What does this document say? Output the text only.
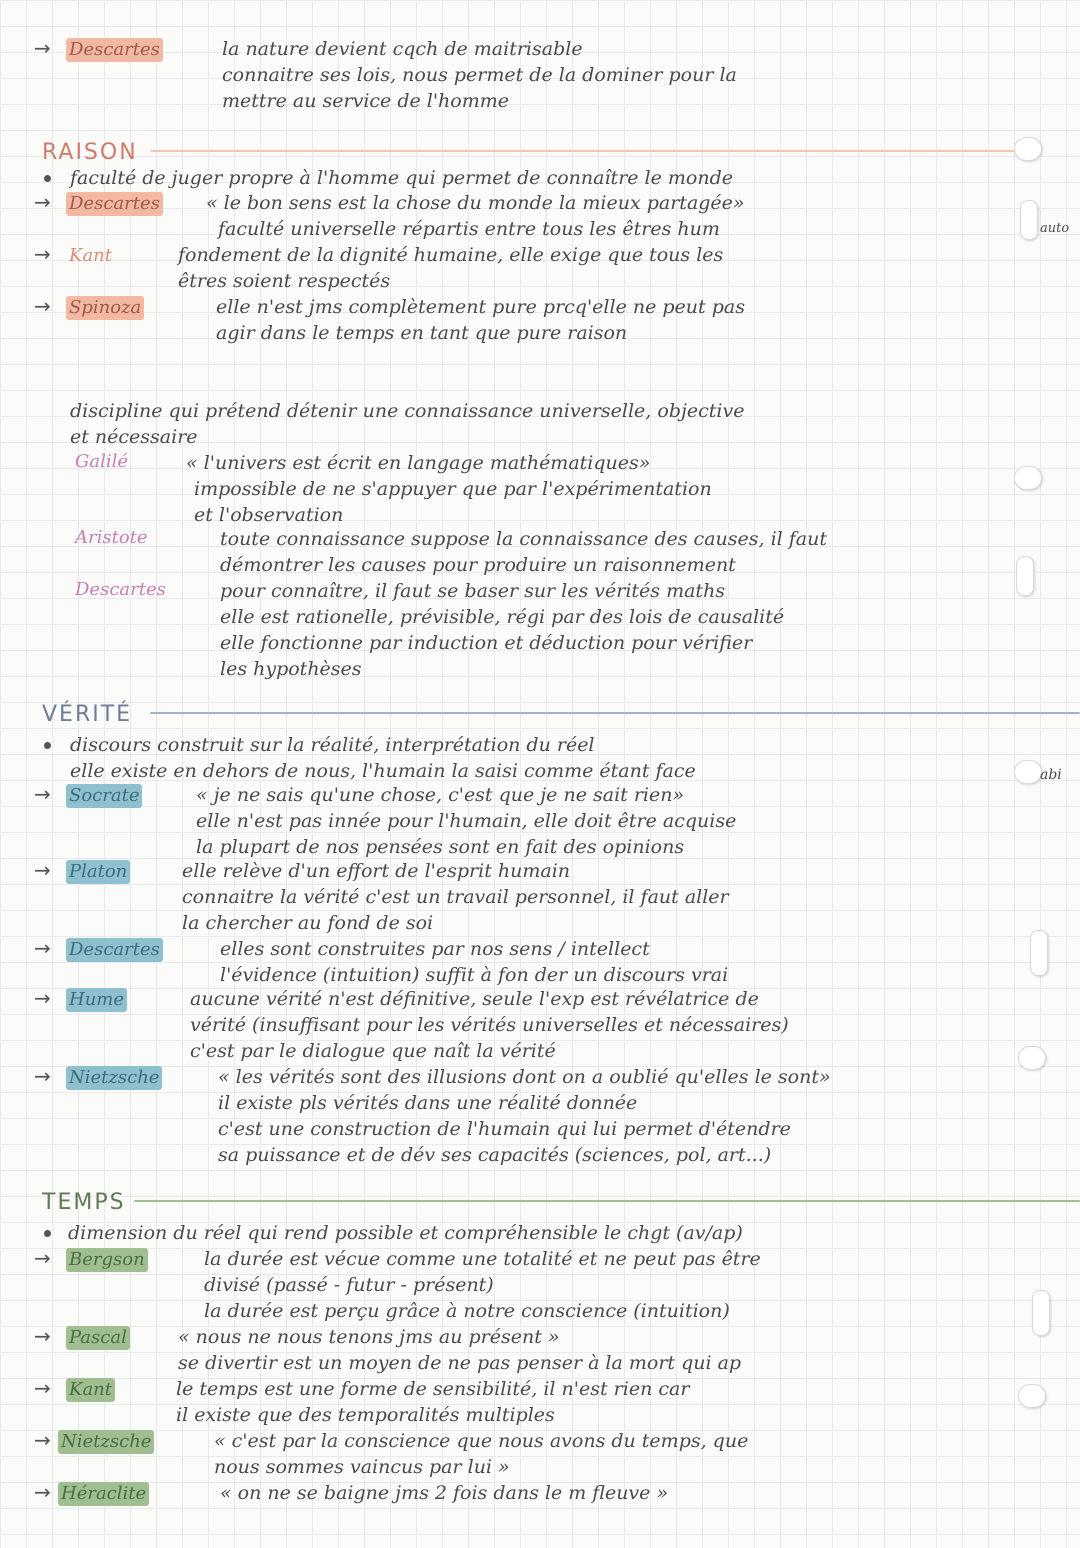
→ Descartes	la nature devient cqch de maitrisable
connaitre ses lois, nous permet de la dominer pour la
mettre au service de l'homme
RAISON
faculté de juger propre à l'homme qui permet de connaître le monde
→ Descartes « le bon sens est la chose du monde la mieux partagée»
faculté universelle répartis entre tous les êtres hum	auto
→ Kant	fondement de la dignité humaine, elle exige que tous les
êtres soient respectés
→ Spinoza	elle n'est jms complètement pure prcq'elle ne peut pas
agir dans le temps en tant que pure raison
discipline qui prétend détenir une connaissance universelle, objective
et nécessaire
Galilé	« l'univers est écrit en langage mathématiques»
impossible de ne s'appuyer que par l'expérimentation
et l'observation
Aristote	toute connaissance suppose la connaissance des causes, il faut
démontrer les causes pour produire un raisonnement
Descartes	pour connaître, il faut se baser sur les vérités maths
elle est rationelle, prévisible, régi par des lois de causalité
elle fonctionne par induction et déduction pour vérifier
les hypothèses
VÉRITÉ
discours construit sur la réalité, interprétation du réel
elle existe en dehors de nous, l'humain la saisi comme étant face	abi
→ Socrate	« je ne sais qu'une chose, c'est que je ne sait rien»
elle n'est pas innée pour l'humain, elle doit être acquise
la plupart de nos pensées sont en fait des opinions
→ Platon	elle relève d'un effort de l'esprit humain
connaitre la vérité c'est un travail personnel, il faut aller
la chercher au fond de soi
→ Descartes	elles sont construites par nos sens / intellect
l'évidence (intuition) suffit à fon der un discours vrai
→ Hume	aucune vérité n'est définitive, seule l'exp est révélatrice de
vérité (insuffisant pour les vérités universelles et nécessaires)
c'est par le dialogue que naît la vérité
→ Nietzsche	« les vérités sont des illusions dont on a oublié qu'elles le sont»
il existe pls vérités dans une réalité donnée
c'est une construction de l'humain qui lui permet d'étendre
sa puissance et de dév ses capacités (sciences, pol, art...)
TEMPS
dimension du réel qui rend possible et compréhensible le chgt (av/ap)
→ Bergson	la durée est vécue comme une totalité et ne peut pas être
divisé (passé - futur - présent)
la durée est perçu grâce à notre conscience (intuition)
→ Pascal	« nous ne nous tenons jms au présent »
se divertir est un moyen de ne pas penser à la mort qui ap
→ Kant	le temps est une forme de sensibilité, il n'est rien car
il existe que des temporalités multiples
→ Nietzsche	« c'est par la conscience que nous avons du temps, que
nous sommes vaincus par lui »
→ Héraclite	« on ne se baigne jms 2 fois dans le m fleuve »
